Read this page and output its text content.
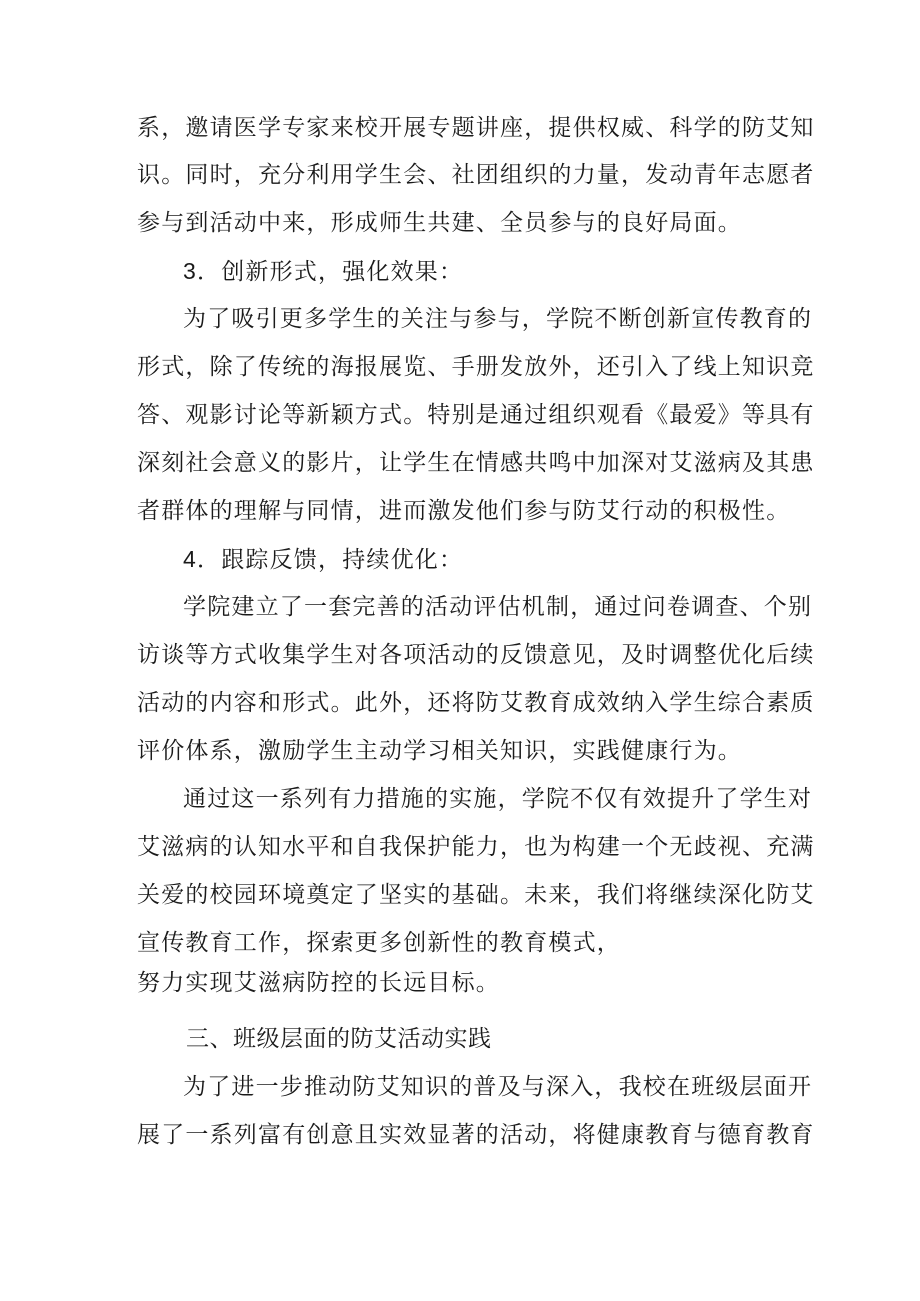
系，邀请医学专家来校开展专题讲座，提供权威、科学的防艾知
识。同时，充分利用学生会、社团组织的力量，发动青年志愿者
参与到活动中来，形成师生共建、全员参与的良好局面。
3．创新形式，强化效果：
为了吸引更多学生的关注与参与，学院不断创新宣传教育的
形式，除了传统的海报展览、手册发放外，还引入了线上知识竞
答、观影讨论等新颖方式。特别是通过组织观看《最爱》等具有
深刻社会意义的影片，让学生在情感共鸣中加深对艾滋病及其患
者群体的理解与同情，进而激发他们参与防艾行动的积极性。
4．跟踪反馈，持续优化：
学院建立了一套完善的活动评估机制，通过问卷调查、个别
访谈等方式收集学生对各项活动的反馈意见，及时调整优化后续
活动的内容和形式。此外，还将防艾教育成效纳入学生综合素质
评价体系，激励学生主动学习相关知识，实践健康行为。
通过这一系列有力措施的实施，学院不仅有效提升了学生对
艾滋病的认知水平和自我保护能力，也为构建一个无歧视、充满
关爱的校园环境奠定了坚实的基础。未来，我们将继续深化防艾
宣传教育工作，探索更多创新性的教育模式，
努力实现艾滋病防控的长远目标。
三、班级层面的防艾活动实践
为了进一步推动防艾知识的普及与深入，我校在班级层面开
展了一系列富有创意且实效显著的活动，将健康教育与德育教育
